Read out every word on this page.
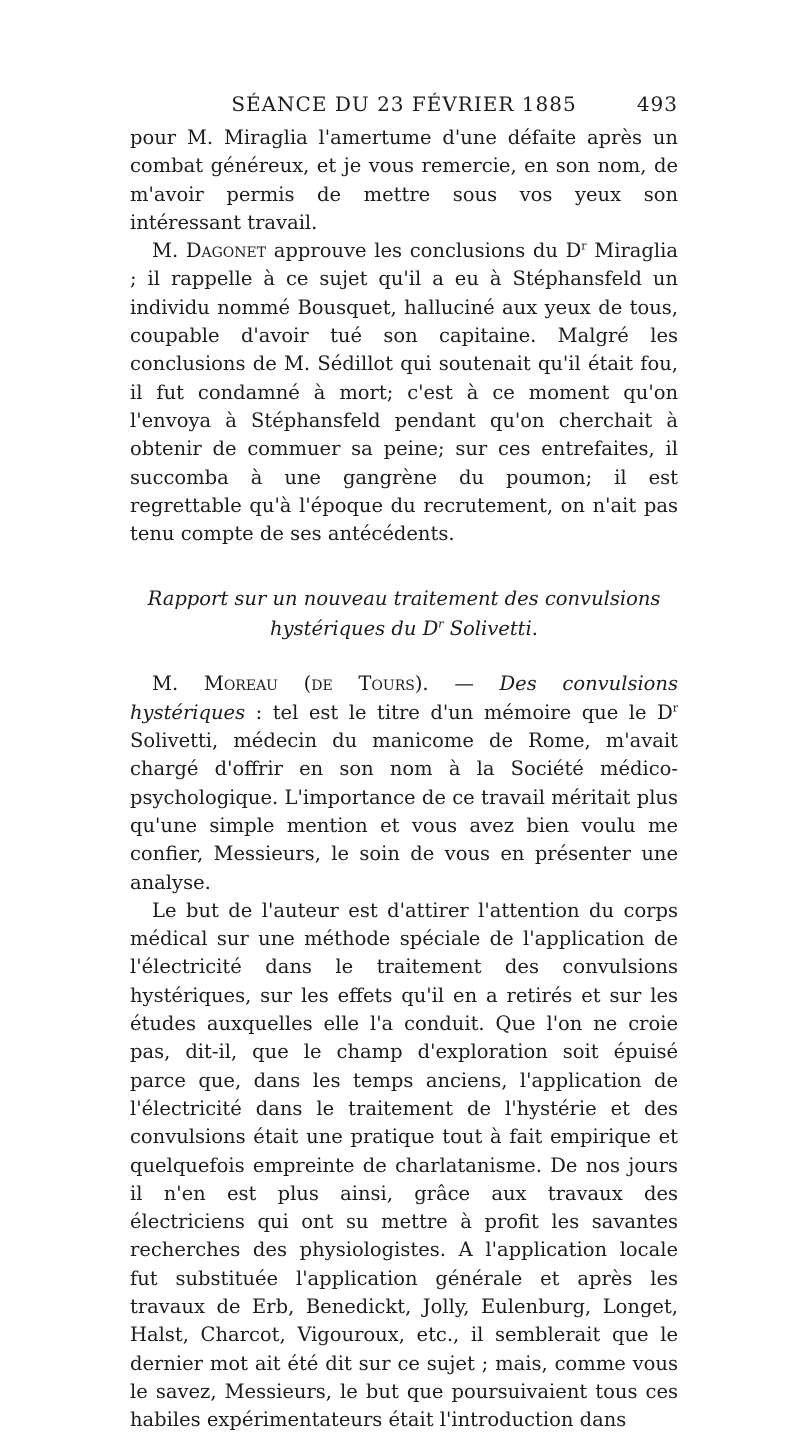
SÉANCE DU 23 FÉVRIER 1885	493

pour M. Miraglia l'amertume d'une défaite après un combat généreux, et je vous remercie, en son nom, de m'avoir permis de mettre sous vos yeux son intéressant travail.

M. Dagonet approuve les conclusions du $D^r$ Miraglia ; il rappelle à ce sujet qu'il a eu à Stéphansfeld un individu nommé Bousquet, halluciné aux yeux de tous, coupable d'avoir tué son capitaine. Malgré les conclusions de M. Sédillot qui soutenait qu'il était fou, il fut condamné à mort; c'est à ce moment qu'on l'envoya à Stéphansfeld pendant qu'on cherchait à obtenir de commuer sa peine; sur ces entrefaites, il succomba à une gangrène du poumon; il est regrettable qu'à l'époque du recrutement, on n'ait pas tenu compte de ses antécédents.

Rapport sur un nouveau traitement des convulsions
hystériques du $D^r$ Solivetti.

M. Moreau (de Tours). — Des convulsions hystériques : tel est le titre d'un mémoire que le $D^r$ Solivetti, médecin du manicome de Rome, m'avait chargé d'offrir en son nom à la Société médico-psychologique. L'importance de ce travail méritait plus qu'une simple mention et vous avez bien voulu me confier, Messieurs, le soin de vous en présenter une analyse.

Le but de l'auteur est d'attirer l'attention du corps médical sur une méthode spéciale de l'application de l'électricité dans le traitement des convulsions hystériques, sur les effets qu'il en a retirés et sur les études auxquelles elle l'a conduit. Que l'on ne croie pas, dit-il, que le champ d'exploration soit épuisé parce que, dans les temps anciens, l'application de l'électricité dans le traitement de l'hystérie et des convulsions était une pratique tout à fait empirique et quelquefois empreinte de charlatanisme. De nos jours il n'en est plus ainsi, grâce aux travaux des électriciens qui ont su mettre à profit les savantes recherches des physiologistes. A l'application locale fut substituée l'application générale et après les travaux de Erb, Benedickt, Jolly, Eulenburg, Longet, Halst, Charcot, Vigouroux, etc., il semblerait que le dernier mot ait été dit sur ce sujet ; mais, comme vous le savez, Messieurs, le but que poursuivaient tous ces habiles expérimentateurs était l'introduction dans
